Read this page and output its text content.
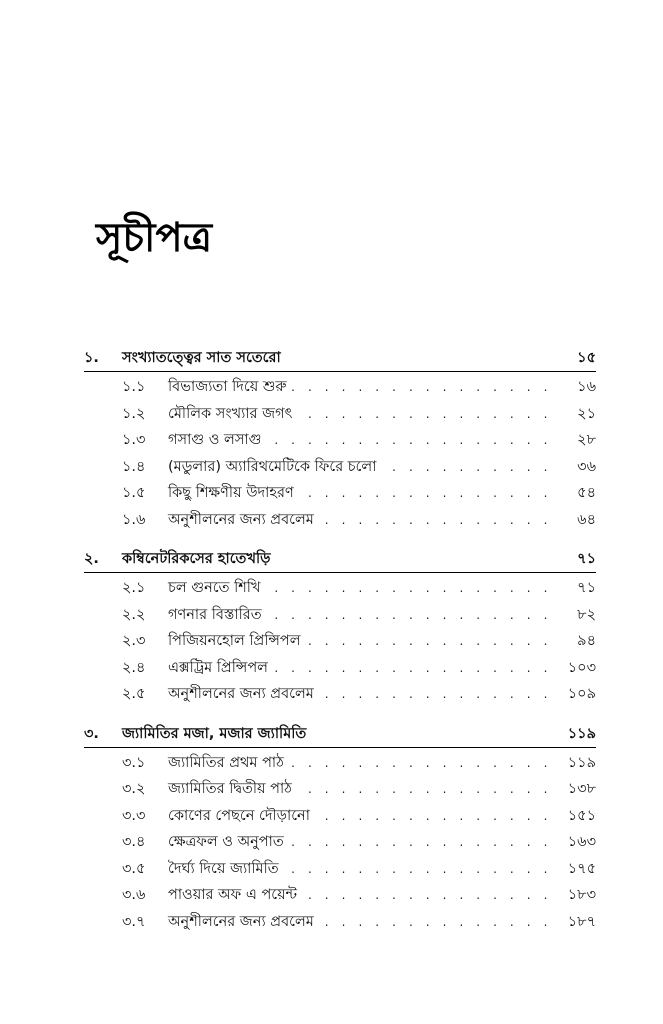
সূচীপত্র
১.	সংখ্যাতত্ত্বের সাত সতেরো	১৫
১.১	বিভাজ্যতা দিয়ে শুরু . . .	১৬
১.২	মৌলিক সংখ্যার জগৎ . . .	২১
১.৩	গসাগু ও লসাগু . . .	২৮
১.৪	(মডুলার) অ্যারিথমেটিকে ফিরে চলো . . .	৩৬
১.৫	কিছু শিক্ষণীয় উদাহরণ . . .	৫৪
১.৬	অনুশীলনের জন্য প্রবলেম . . .	৬৪
২.	কম্বিনেটরিকসের হাতেখড়ি	৭১
২.১	চল গুনতে শিখি . . .	৭১
২.২	গণনার বিস্তারিত . . .	৮২
২.৩	পিজিয়নহোল প্রিন্সিপল . . .	৯৪
২.৪	এক্সট্রিম প্রিন্সিপল . . .	১০৩
২.৫	অনুশীলনের জন্য প্রবলেম . . .	১০৯
৩.	জ্যামিতির মজা, মজার জ্যামিতি	১১৯
৩.১	জ্যামিতির প্রথম পাঠ . . .	১১৯
৩.২	জ্যামিতির দ্বিতীয় পাঠ . . .	১৩৮
৩.৩	কোণের পেছনে দৌড়ানো . . .	১৫১
৩.৪	ক্ষেত্রফল ও অনুপাত . . .	১৬৩
৩.৫	দৈর্ঘ্য দিয়ে জ্যামিতি . . .	১৭৫
৩.৬	পাওয়ার অফ এ পয়েন্ট . . .	১৮৩
৩.৭	অনুশীলনের জন্য প্রবলেম . . .	১৮৭
